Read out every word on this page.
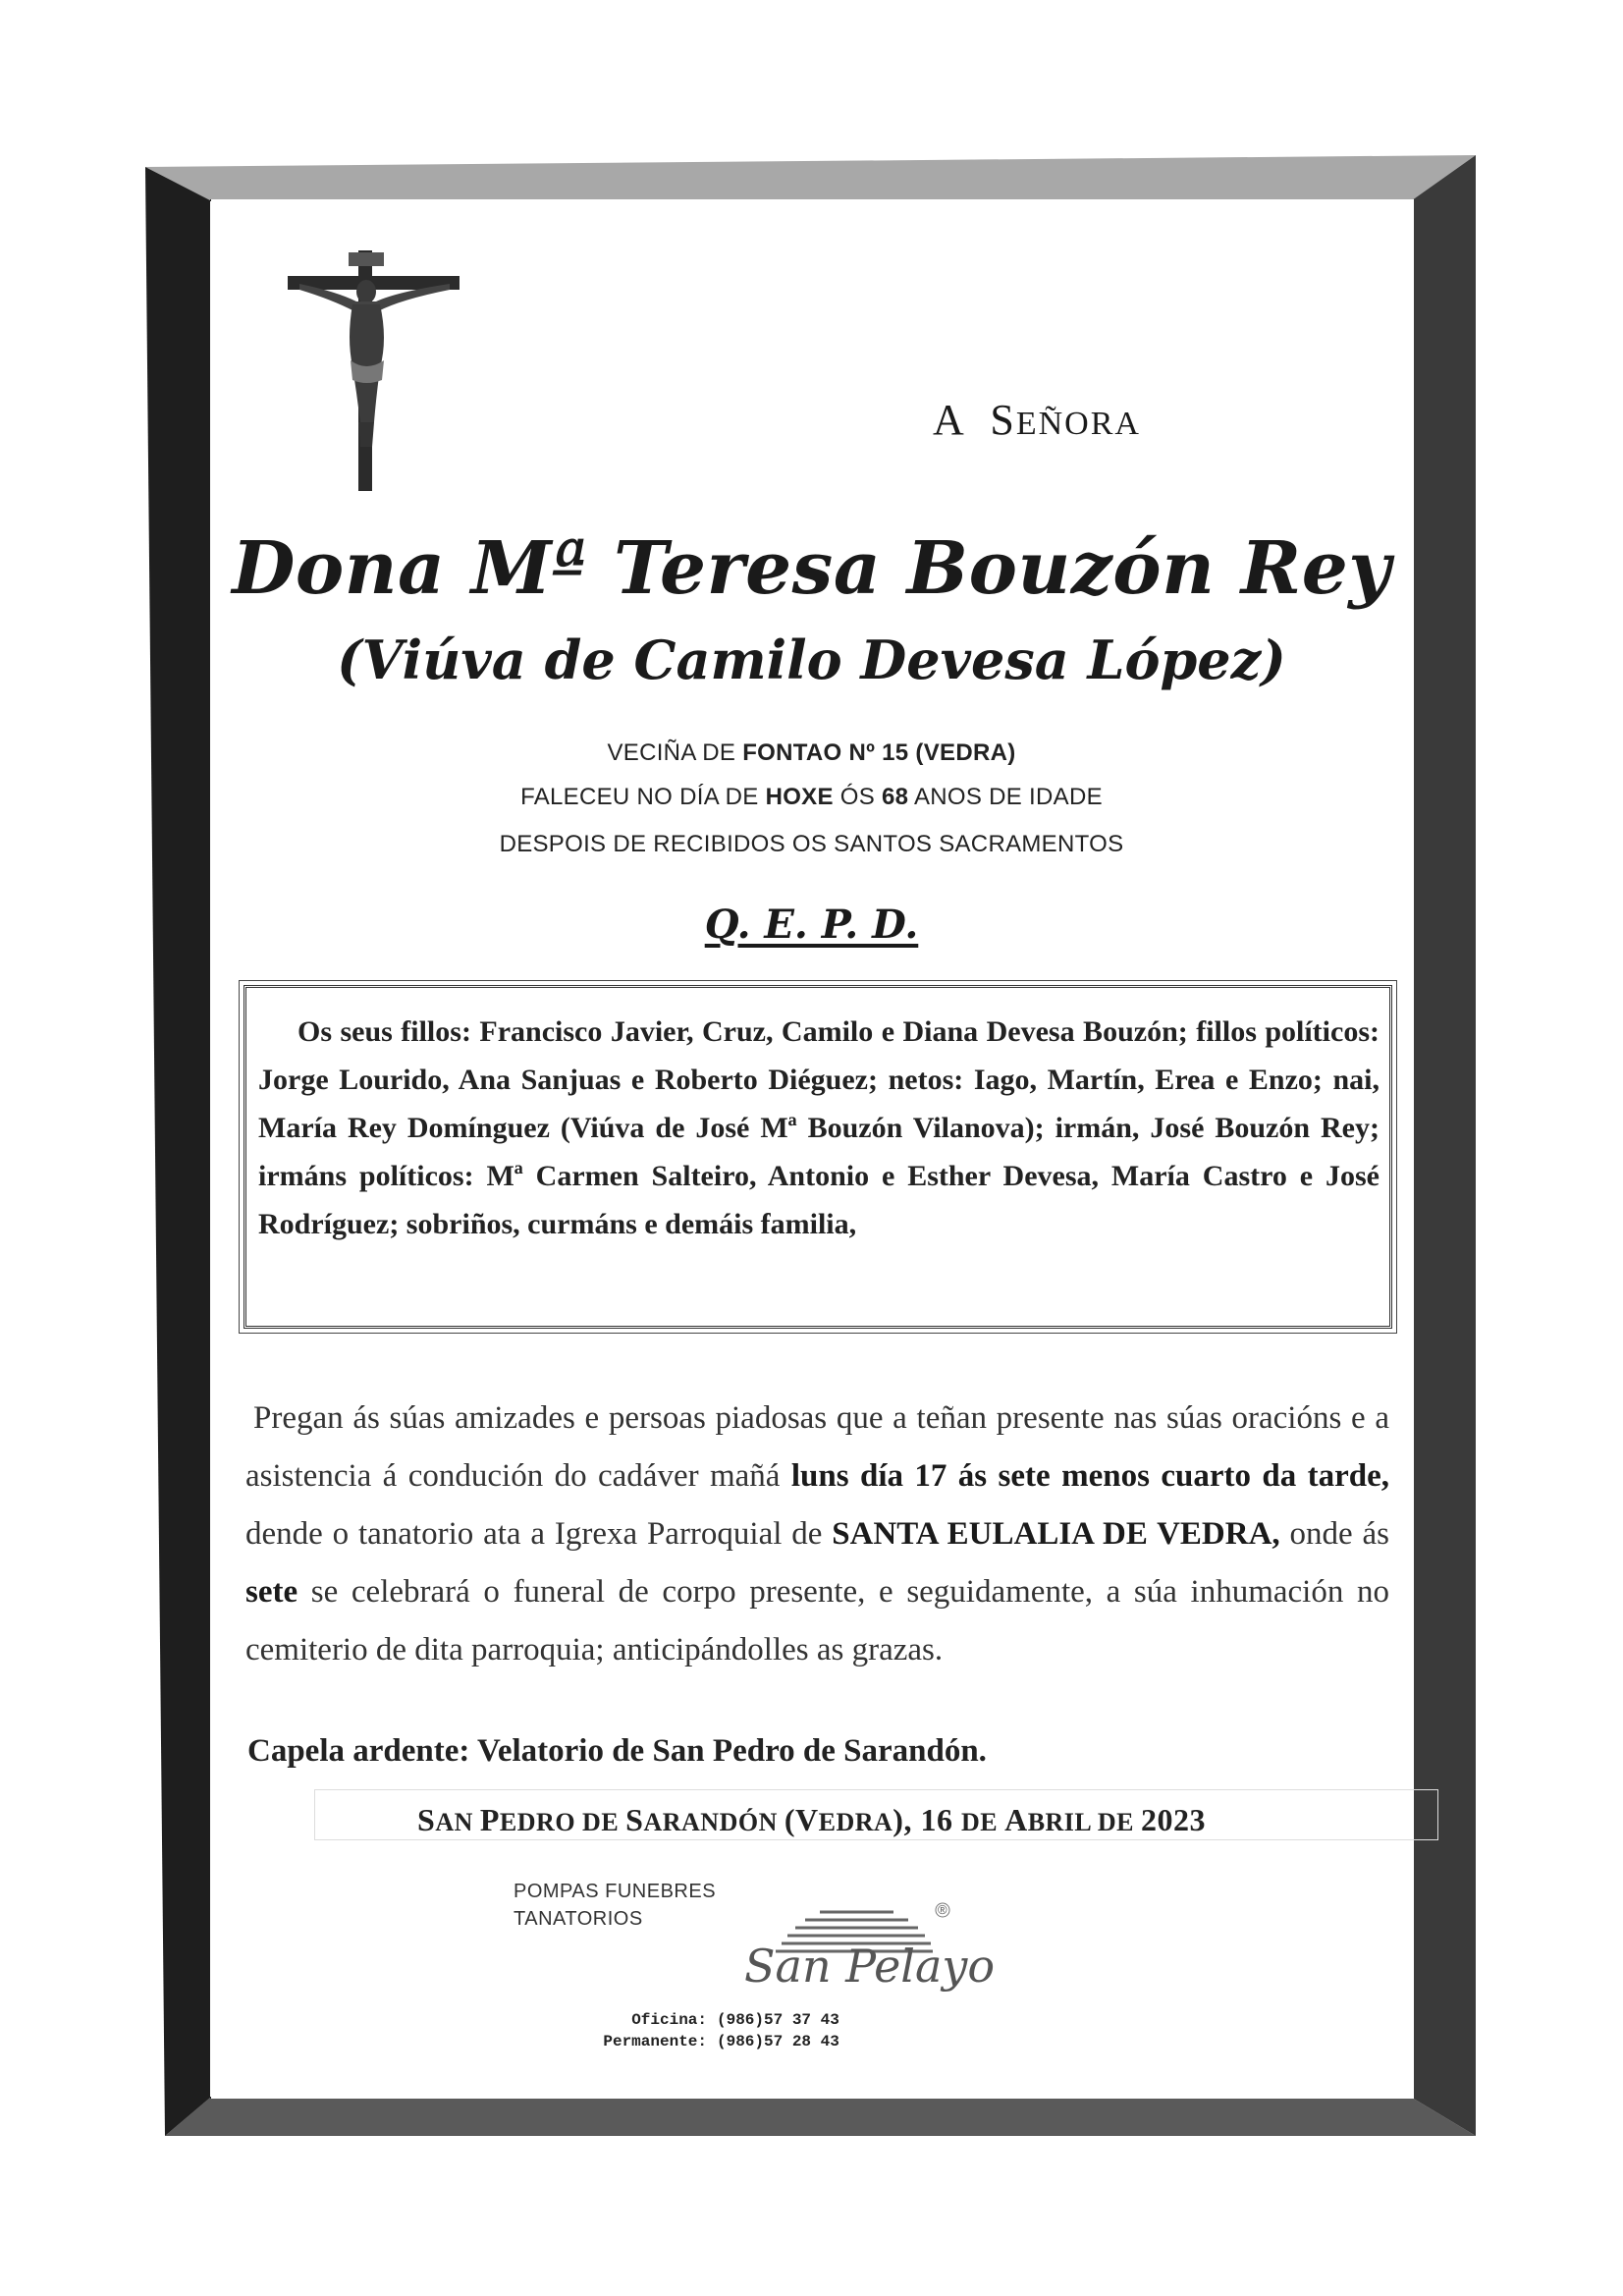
A SEÑORA
Dona Mª Teresa Bouzón Rey
(Viúva de Camilo Devesa López)
VECIÑA DE FONTAO Nº 15 (VEDRA)
FALECEU NO DÍA DE HOXE ÓS 68 ANOS DE IDADE
DESPOIS DE RECIBIDOS OS SANTOS SACRAMENTOS
Q. E. P. D.
Os seus fillos: Francisco Javier, Cruz, Camilo e Diana Devesa Bouzón; fillos políticos: Jorge Lourido, Ana Sanjuas e Roberto Diéguez; netos: Iago, Martín, Erea e Enzo; nai, María Rey Domínguez (Viúva de José Mª Bouzón Vilanova); irmán, José Bouzón Rey; irmáns políticos: Mª Carmen Salteiro, Antonio e Esther Devesa, María Castro e José Rodríguez; sobriños, curmáns e demáis familia,
Pregan ás súas amizades e persoas piadosas que a teñan presente nas súas oracións e a asistencia á condución do cadáver mañá luns día 17 ás sete menos cuarto da tarde, dende o tanatorio ata a Igrexa Parroquial de SANTA EULALIA DE VEDRA, onde ás sete se celebrará o funeral de corpo presente, e seguidamente, a súa inhumación no cemiterio de dita parroquia; anticipándolles as grazas.
Capela ardente: Velatorio de San Pedro de Sarandón.
SAN PEDRO DE SARANDÓN (VEDRA), 16 DE ABRIL DE 2023
POMPAS FUNEBRES
TANATORIOS
San Pelayo
®
Oficina: (986)57 37 43
Permanente: (986)57 28 43
